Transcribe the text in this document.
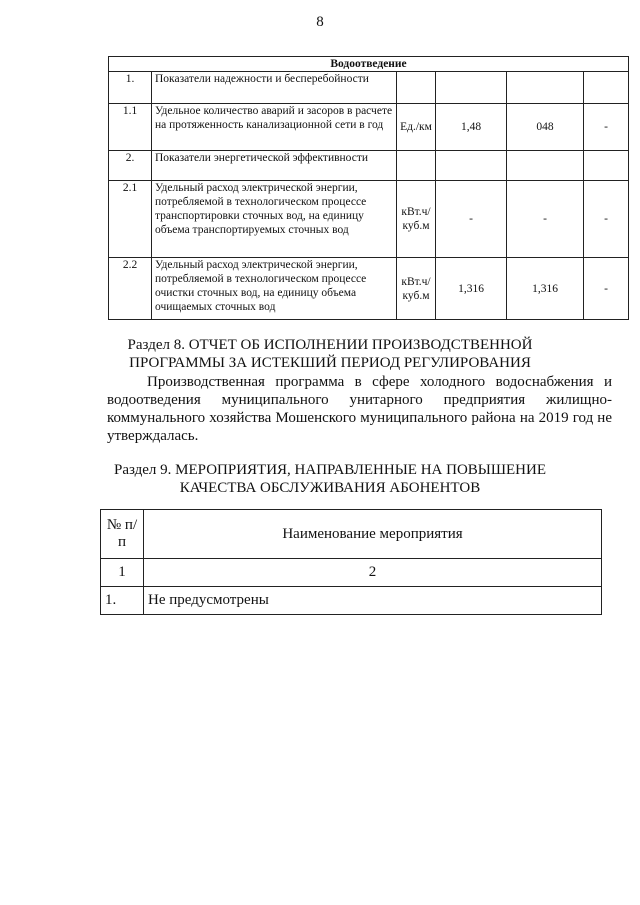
8
Водоотведение					
1.	Показатели надежности и бесперебойности				
1.1	Удельное количество аварий и засоров в расчете на протяженность канализационной сети в год	Ед./км	1,48	048	-
2.	Показатели энергетической эффективности				
2.1	Удельный расход электрической энергии, потребляемой в технологическом процессе транспортировки сточных вод, на единицу объема транспортируемых сточных вод	кВт.ч/куб.м	-	-	-
2.2	Удельный расход электрической энергии, потребляемой в технологическом процессе очистки сточных вод, на единицу объема очищаемых сточных вод	кВт.ч/куб.м	1,316	1,316	-
Раздел 8. ОТЧЕТ ОБ ИСПОЛНЕНИИ ПРОИЗВОДСТВЕННОЙ
ПРОГРАММЫ ЗА ИСТЕКШИЙ ПЕРИОД РЕГУЛИРОВАНИЯ
Производственная программа в сфере холодного водоснабжения и водоотведения муниципального унитарного предприятия жилищно-коммунального хозяйства Мошенского муниципального района на 2019 год не утверждалась.
Раздел 9. МЕРОПРИЯТИЯ, НАПРАВЛЕННЫЕ НА ПОВЫШЕНИЕ
КАЧЕСТВА ОБСЛУЖИВАНИЯ АБОНЕНТОВ
№ п/п	Наименование мероприятия
1	2
1.	Не предусмотрены
